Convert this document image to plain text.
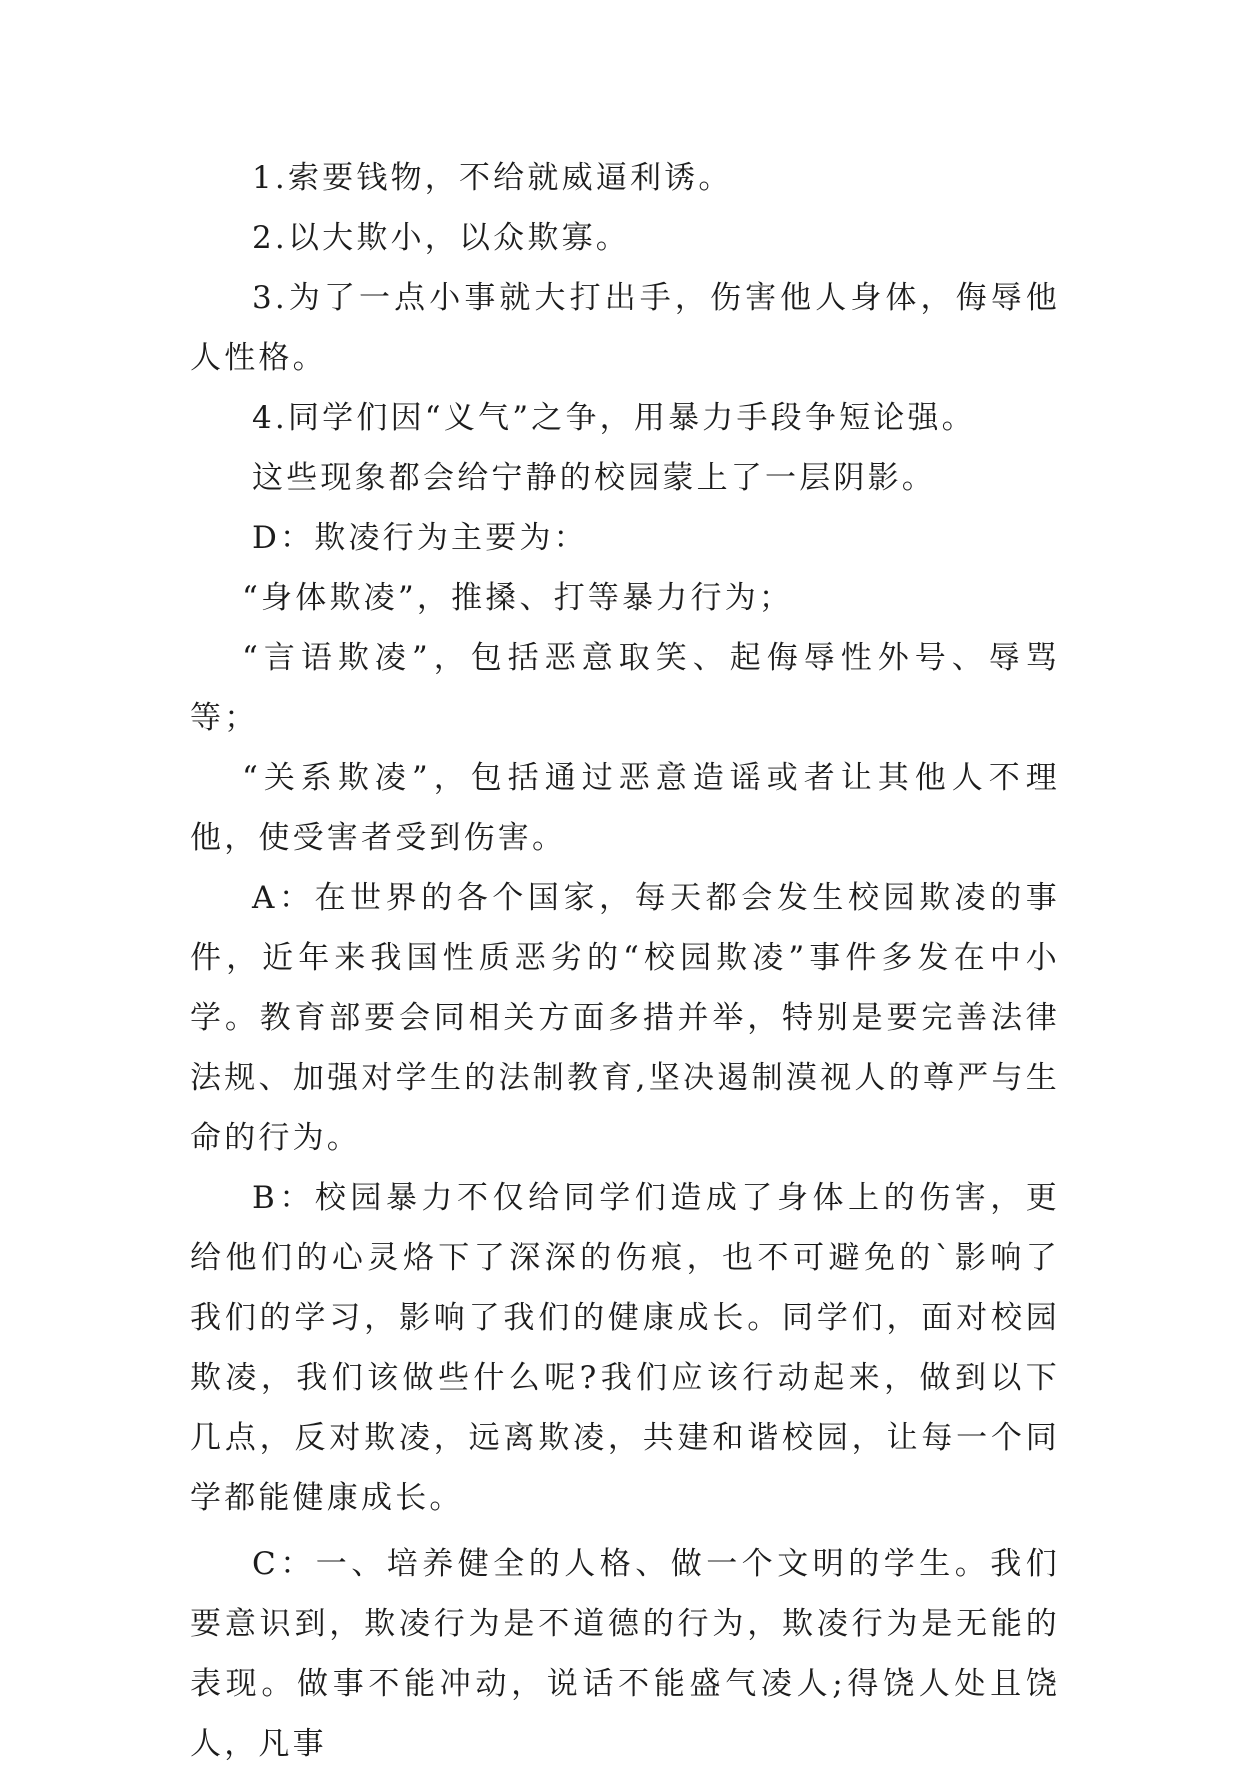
1.索要钱物，不给就威逼利诱。

2.以大欺小，以众欺寡。

3.为了一点小事就大打出手，伤害他人身体，侮辱他人性格。

4.同学们因“义气”之争，用暴力手段争短论强。

这些现象都会给宁静的校园蒙上了一层阴影。

D：欺凌行为主要为：

“身体欺凌”，推搡、打等暴力行为；

“言语欺凌”，包括恶意取笑、起侮辱性外号、辱骂等；

“关系欺凌”，包括通过恶意造谣或者让其他人不理他，使受害者受到伤害。

A：在世界的各个国家，每天都会发生校园欺凌的事件，近年来我国性质恶劣的“校园欺凌”事件多发在中小学。教育部要会同相关方面多措并举，特别是要完善法律法规、加强对学生的法制教育,坚决遏制漠视人的尊严与生命的行为。

B：校园暴力不仅给同学们造成了身体上的伤害，更给他们的心灵烙下了深深的伤痕，也不可避免的`影响了我们的学习，影响了我们的健康成长。同学们，面对校园欺凌，我们该做些什么呢?我们应该行动起来，做到以下几点，反对欺凌，远离欺凌，共建和谐校园，让每一个同学都能健康成长。

C：一、培养健全的人格、做一个文明的学生。我们要意识到，欺凌行为是不道德的行为，欺凌行为是无能的表现。做事不能冲动，说话不能盛气凌人;得饶人处且饶人，凡事
